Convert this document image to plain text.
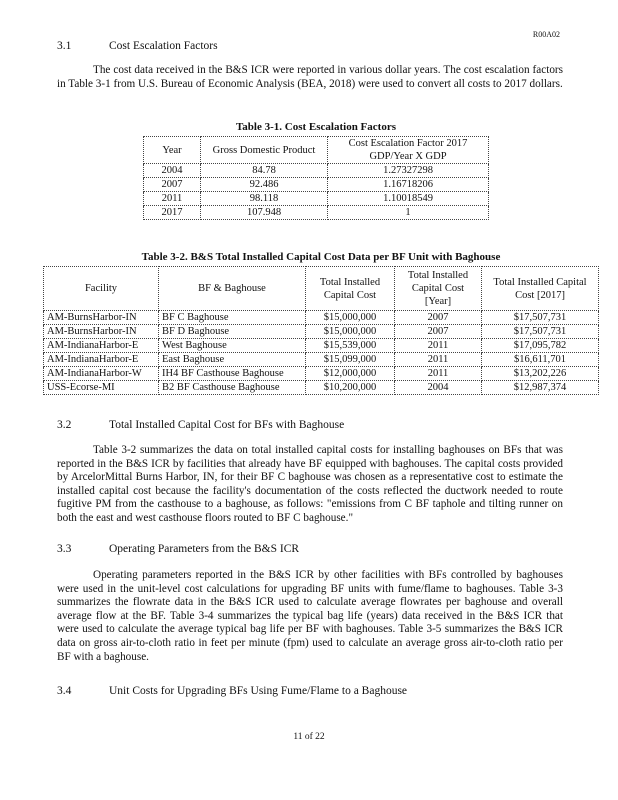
R00A02
3.1	Cost Escalation Factors
The cost data received in the B&S ICR were reported in various dollar years. The cost escalation factors in Table 3-1 from U.S. Bureau of Economic Analysis (BEA, 2018) were used to convert all costs to 2017 dollars.
Table 3-1. Cost Escalation Factors
Year	Gross Domestic Product	Cost Escalation Factor 2017 GDP/Year X GDP
2004	84.78	1.27327298
2007	92.486	1.16718206
2011	98.118	1.10018549
2017	107.948	1
Table 3-2. B&S Total Installed Capital Cost Data per BF Unit with Baghouse
Facility	BF & Baghouse	Total Installed Capital Cost	Total Installed Capital Cost [Year]	Total Installed Capital Cost [2017]
AM-BurnsHarbor-IN	BF C Baghouse	$15,000,000	2007	$17,507,731
AM-BurnsHarbor-IN	BF D Baghouse	$15,000,000	2007	$17,507,731
AM-IndianaHarbor-E	West Baghouse	$15,539,000	2011	$17,095,782
AM-IndianaHarbor-E	East Baghouse	$15,099,000	2011	$16,611,701
AM-IndianaHarbor-W	IH4 BF Casthouse Baghouse	$12,000,000	2011	$13,202,226
USS-Ecorse-MI	B2 BF Casthouse Baghouse	$10,200,000	2004	$12,987,374
3.2	Total Installed Capital Cost for BFs with Baghouse
Table 3-2 summarizes the data on total installed capital costs for installing baghouses on BFs that was reported in the B&S ICR by facilities that already have BF equipped with baghouses. The capital costs provided by ArcelorMittal Burns Harbor, IN, for their BF C baghouse was chosen as a representative cost to estimate the installed capital cost because the facility's documentation of the costs reflected the ductwork needed to route fugitive PM from the casthouse to a baghouse, as follows: "emissions from C BF taphole and tilting runner on both the east and west casthouse floors routed to BF C baghouse."
3.3	Operating Parameters from the B&S ICR
Operating parameters reported in the B&S ICR by other facilities with BFs controlled by baghouses were used in the unit-level cost calculations for upgrading BF units with fume/flame to baghouses. Table 3-3 summarizes the flowrate data in the B&S ICR used to calculate average flowrates per baghouse and overall average flow at the BF. Table 3-4 summarizes the typical bag life (years) data received in the B&S ICR that were used to calculate the average typical bag life per BF with baghouses. Table 3-5 summarizes the B&S ICR data on gross air-to-cloth ratio in feet per minute (fpm) used to calculate an average gross air-to-cloth ratio per BF with a baghouse.
3.4	Unit Costs for Upgrading BFs Using Fume/Flame to a Baghouse
11 of 22
